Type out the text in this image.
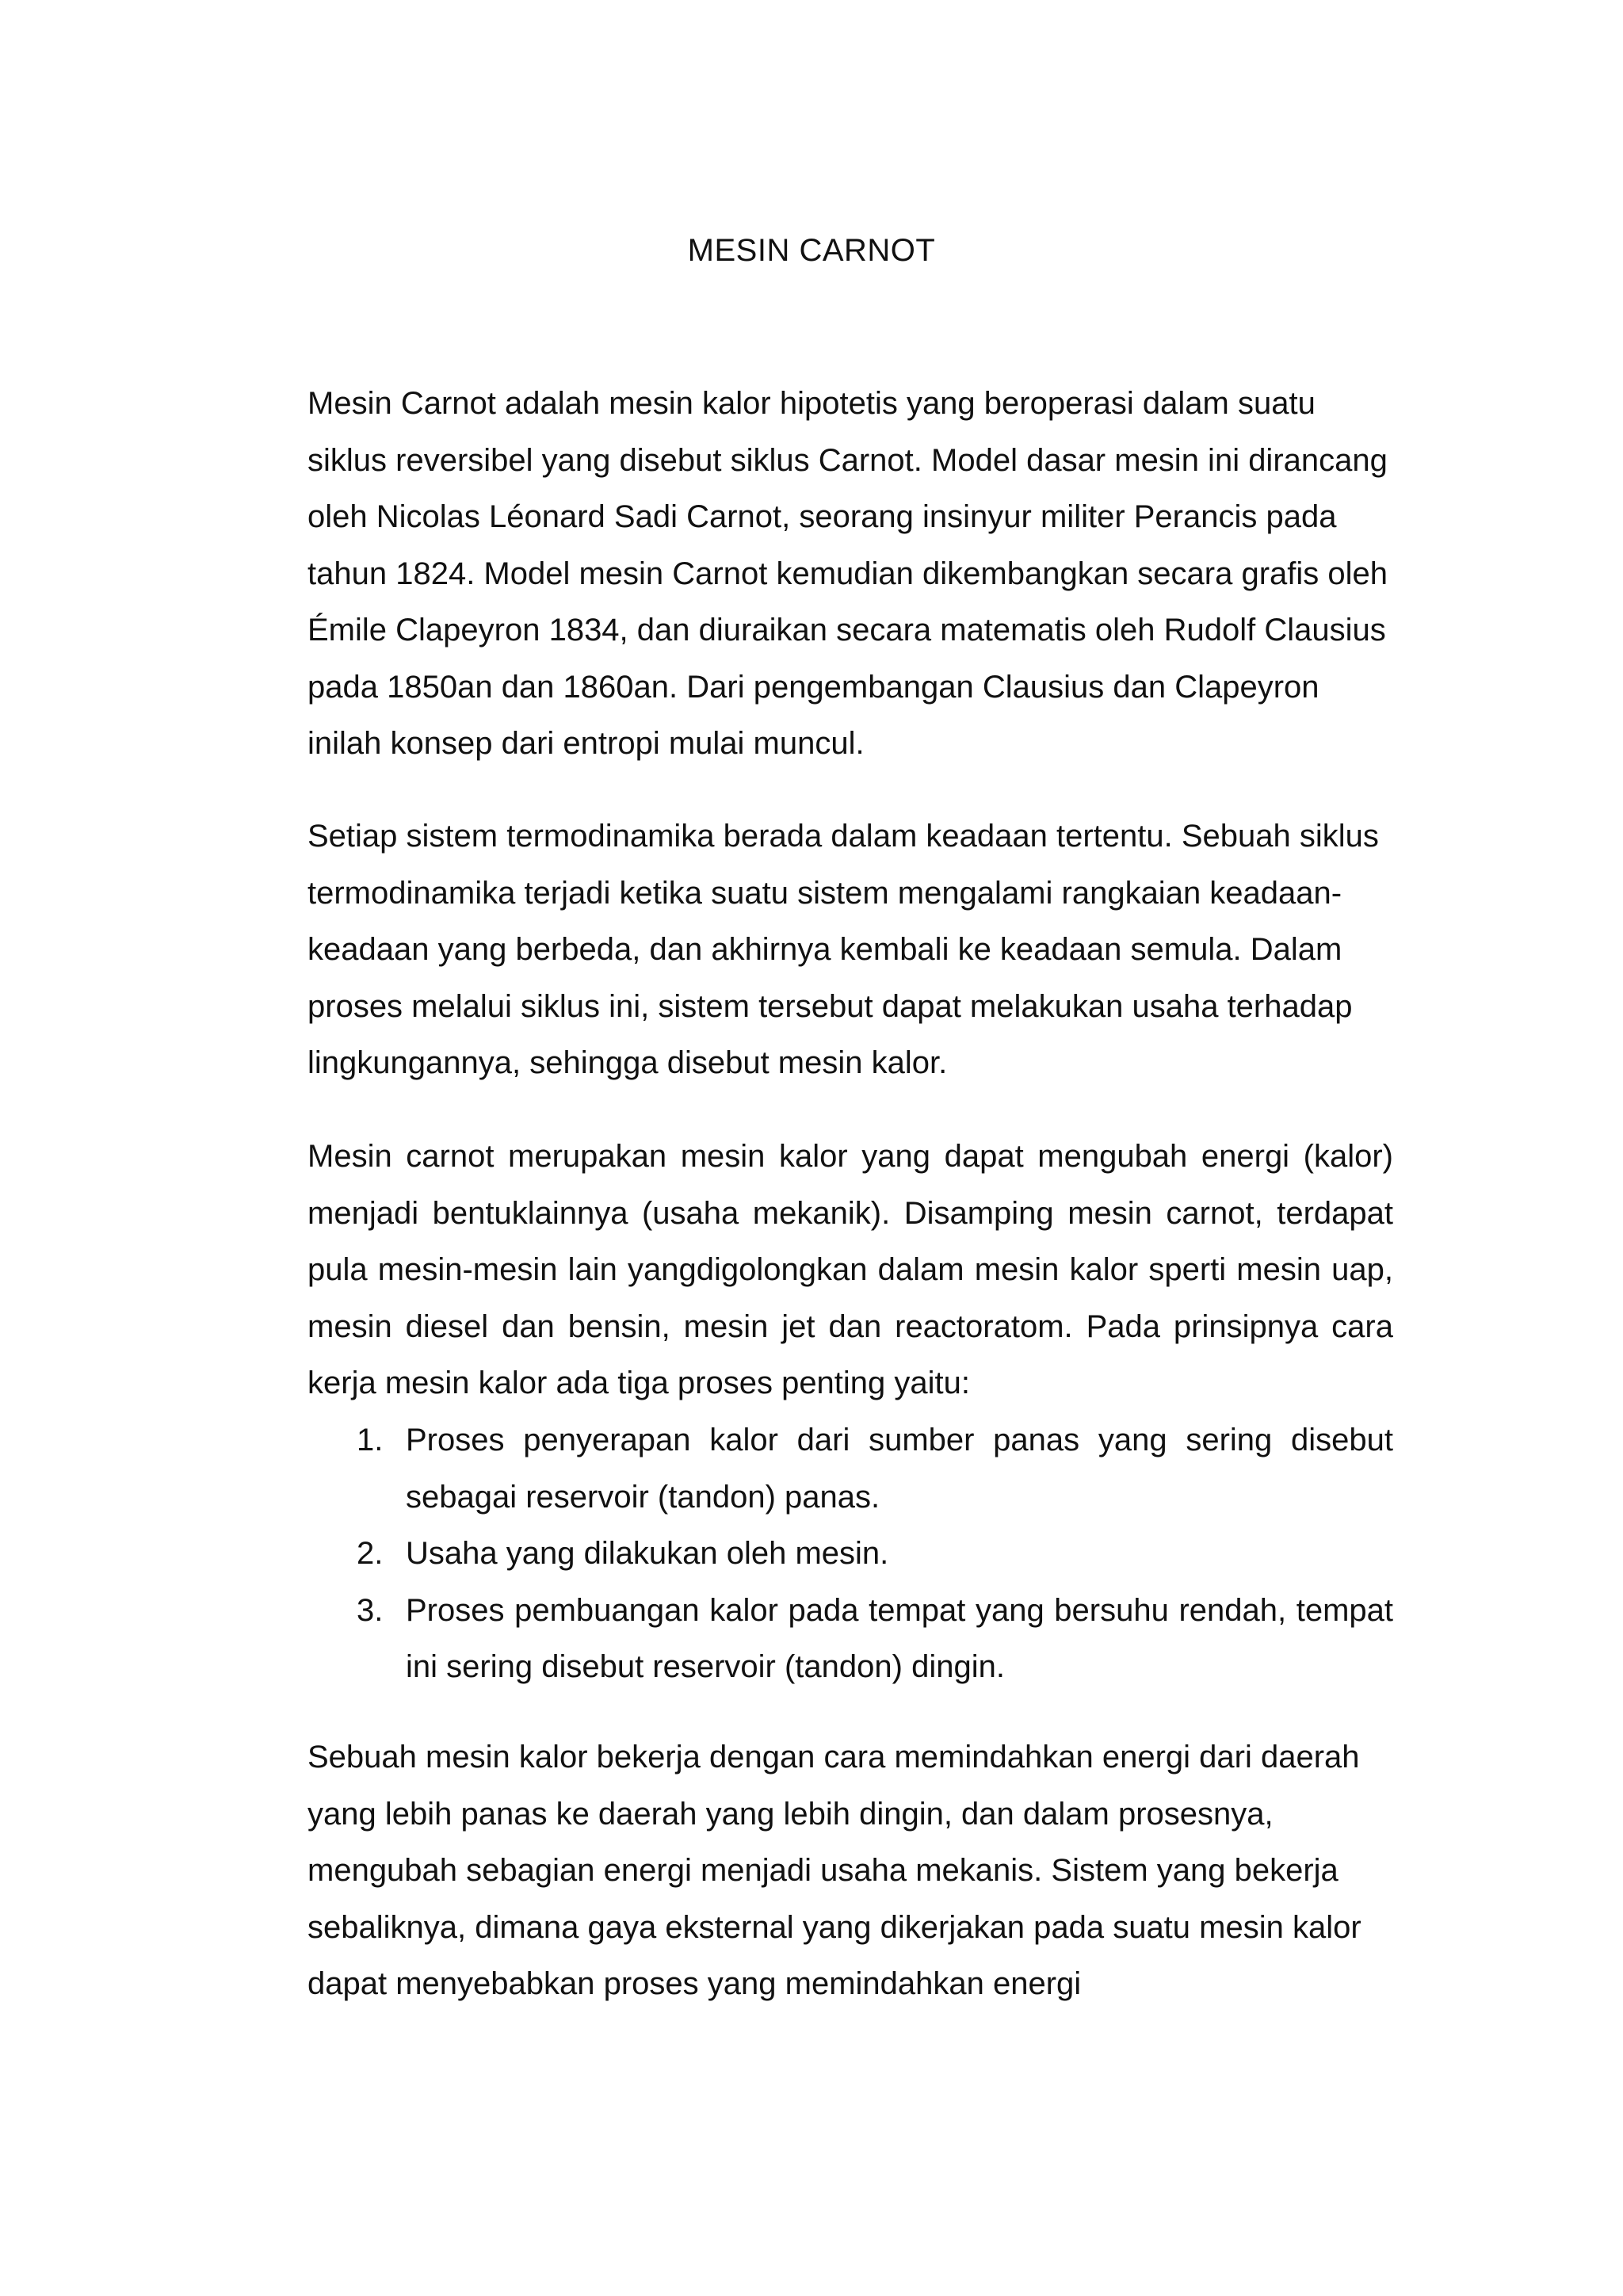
MESIN CARNOT

Mesin Carnot adalah mesin kalor hipotetis yang beroperasi dalam suatu siklus reversibel yang disebut siklus Carnot. Model dasar mesin ini dirancang oleh Nicolas Léonard Sadi Carnot, seorang insinyur militer Perancis pada tahun 1824. Model mesin Carnot kemudian dikembangkan secara grafis oleh Émile Clapeyron 1834, dan diuraikan secara matematis oleh Rudolf Clausius pada 1850an dan 1860an. Dari pengembangan Clausius dan Clapeyron inilah konsep dari entropi mulai muncul.

Setiap sistem termodinamika berada dalam keadaan tertentu. Sebuah siklus termodinamika terjadi ketika suatu sistem mengalami rangkaian keadaan-keadaan yang berbeda, dan akhirnya kembali ke keadaan semula. Dalam proses melalui siklus ini, sistem tersebut dapat melakukan usaha terhadap lingkungannya, sehingga disebut mesin kalor.

Mesin carnot merupakan mesin kalor yang dapat mengubah energi (kalor) menjadi bentuklainnya (usaha mekanik). Disamping mesin carnot, terdapat pula mesin-mesin lain yangdigolongkan dalam mesin kalor sperti mesin uap, mesin diesel dan bensin, mesin jet dan reactoratom. Pada prinsipnya cara kerja mesin kalor ada tiga proses penting yaitu:

1. Proses penyerapan kalor dari sumber panas yang sering disebut sebagai reservoir (tandon) panas.
2. Usaha yang dilakukan oleh mesin.
3. Proses pembuangan kalor pada tempat yang bersuhu rendah, tempat ini sering disebut reservoir (tandon) dingin.

Sebuah mesin kalor bekerja dengan cara memindahkan energi dari daerah yang lebih panas ke daerah yang lebih dingin, dan dalam prosesnya, mengubah sebagian energi menjadi usaha mekanis. Sistem yang bekerja sebaliknya, dimana gaya eksternal yang dikerjakan pada suatu mesin kalor dapat menyebabkan proses yang memindahkan energi
